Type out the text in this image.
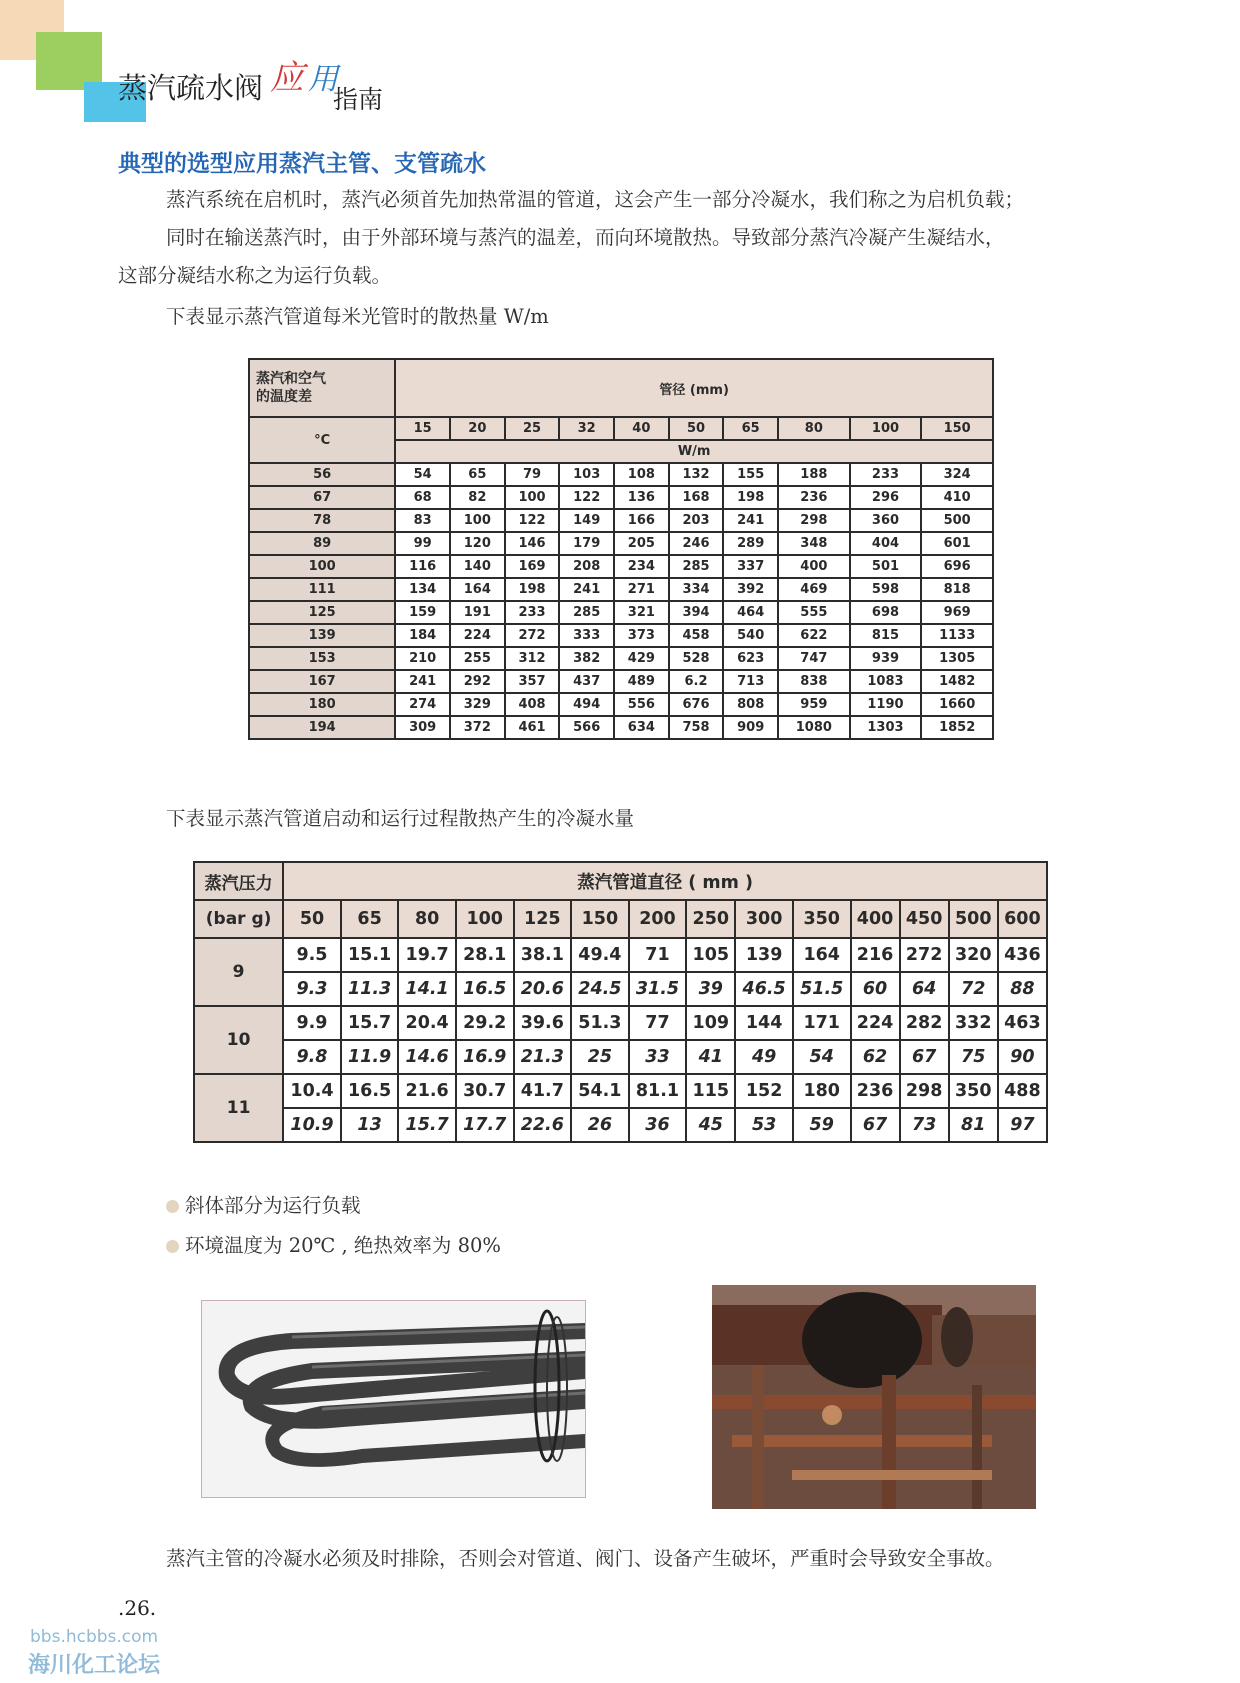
蒸汽疏水阀 应用
指南
典型的选型应用蒸汽主管、支管疏水
蒸汽系统在启机时，蒸汽必须首先加热常温的管道，这会产生一部分冷凝水，我们称之为启机负载；
同时在输送蒸汽时，由于外部环境与蒸汽的温差，而向环境散热。导致部分蒸汽冷凝产生凝结水，
这部分凝结水称之为运行负载。
下表显示蒸汽管道每米光管时的散热量 W/m
蒸汽和空气
的温度差	管径 (mm)									
°C	15	20	25	32	40	50	65	80	100	150
	W/m									
56	54	65	79	103	108	132	155	188	233	324
67	68	82	100	122	136	168	198	236	296	410
78	83	100	122	149	166	203	241	298	360	500
89	99	120	146	179	205	246	289	348	404	601
100	116	140	169	208	234	285	337	400	501	696
111	134	164	198	241	271	334	392	469	598	818
125	159	191	233	285	321	394	464	555	698	969
139	184	224	272	333	373	458	540	622	815	1133
153	210	255	312	382	429	528	623	747	939	1305
167	241	292	357	437	489	6.2	713	838	1083	1482
180	274	329	408	494	556	676	808	959	1190	1660
194	309	372	461	566	634	758	909	1080	1303	1852
下表显示蒸汽管道启动和运行过程散热产生的冷凝水量
蒸汽压力	蒸汽管道直径 ( mm )													
(bar g)	50	65	80	100	125	150	200	250	300	350	400	450	500	600
9	9.5	15.1	19.7	28.1	38.1	49.4	71	105	139	164	216	272	320	436
	9.3	11.3	14.1	16.5	20.6	24.5	31.5	39	46.5	51.5	60	64	72	88
10	9.9	15.7	20.4	29.2	39.6	51.3	77	109	144	171	224	282	332	463
	9.8	11.9	14.6	16.9	21.3	25	33	41	49	54	62	67	75	90
11	10.4	16.5	21.6	30.7	41.7	54.1	81.1	115	152	180	236	298	350	488
	10.9	13	15.7	17.7	22.6	26	36	45	53	59	67	73	81	97
斜体部分为运行负载
环境温度为 20℃ , 绝热效率为 80%
蒸汽主管的冷凝水必须及时排除，否则会对管道、阀门、设备产生破坏，严重时会导致安全事故。
.26.
bbs.hcbbs.com
海川化工论坛
